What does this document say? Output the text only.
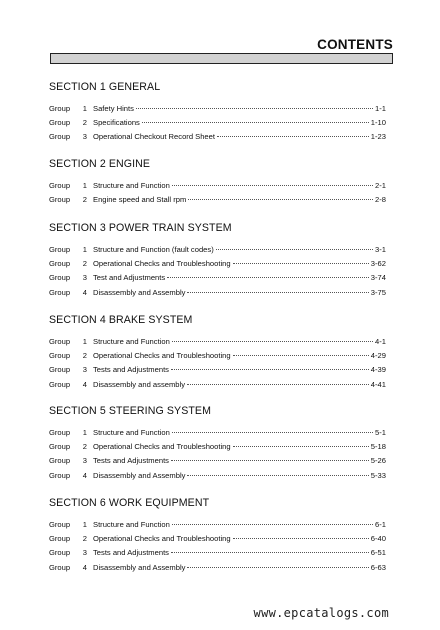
CONTENTS
SECTION 1 GENERAL
Group	1 Safety Hints	1-1
Group	2 Specifications	1-10
Group	3 Operational Checkout Record Sheet	1-23
SECTION 2 ENGINE
Group	1 Structure and Function	2-1
Group	2 Engine speed and Stall rpm	2-8
SECTION 3 POWER TRAIN SYSTEM
Group	1 Structure and Function (fault codes)	3-1
Group	2 Operational Checks and Troubleshooting	3-62
Group	3 Test and Adjustments	3-74
Group	4 Disassembly and Assembly	3-75
SECTION 4 BRAKE SYSTEM
Group	1 Structure and Function	4-1
Group	2 Operational Checks and Troubleshooting	4-29
Group	3 Tests and Adjustments	4-39
Group	4 Disassembly and assembly	4-41
SECTION 5 STEERING SYSTEM
Group	1 Structure and Function	5-1
Group	2 Operational Checks and Troubleshooting	5-18
Group	3 Tests and Adjustments	5-26
Group	4 Disassembly and Assembly	5-33
SECTION 6 WORK EQUIPMENT
Group	1 Structure and Function	6-1
Group	2 Operational Checks and Troubleshooting	6-40
Group	3 Tests and Adjustments	6-51
Group	4 Disassembly and Assembly	6-63
www.epcatalogs.com
